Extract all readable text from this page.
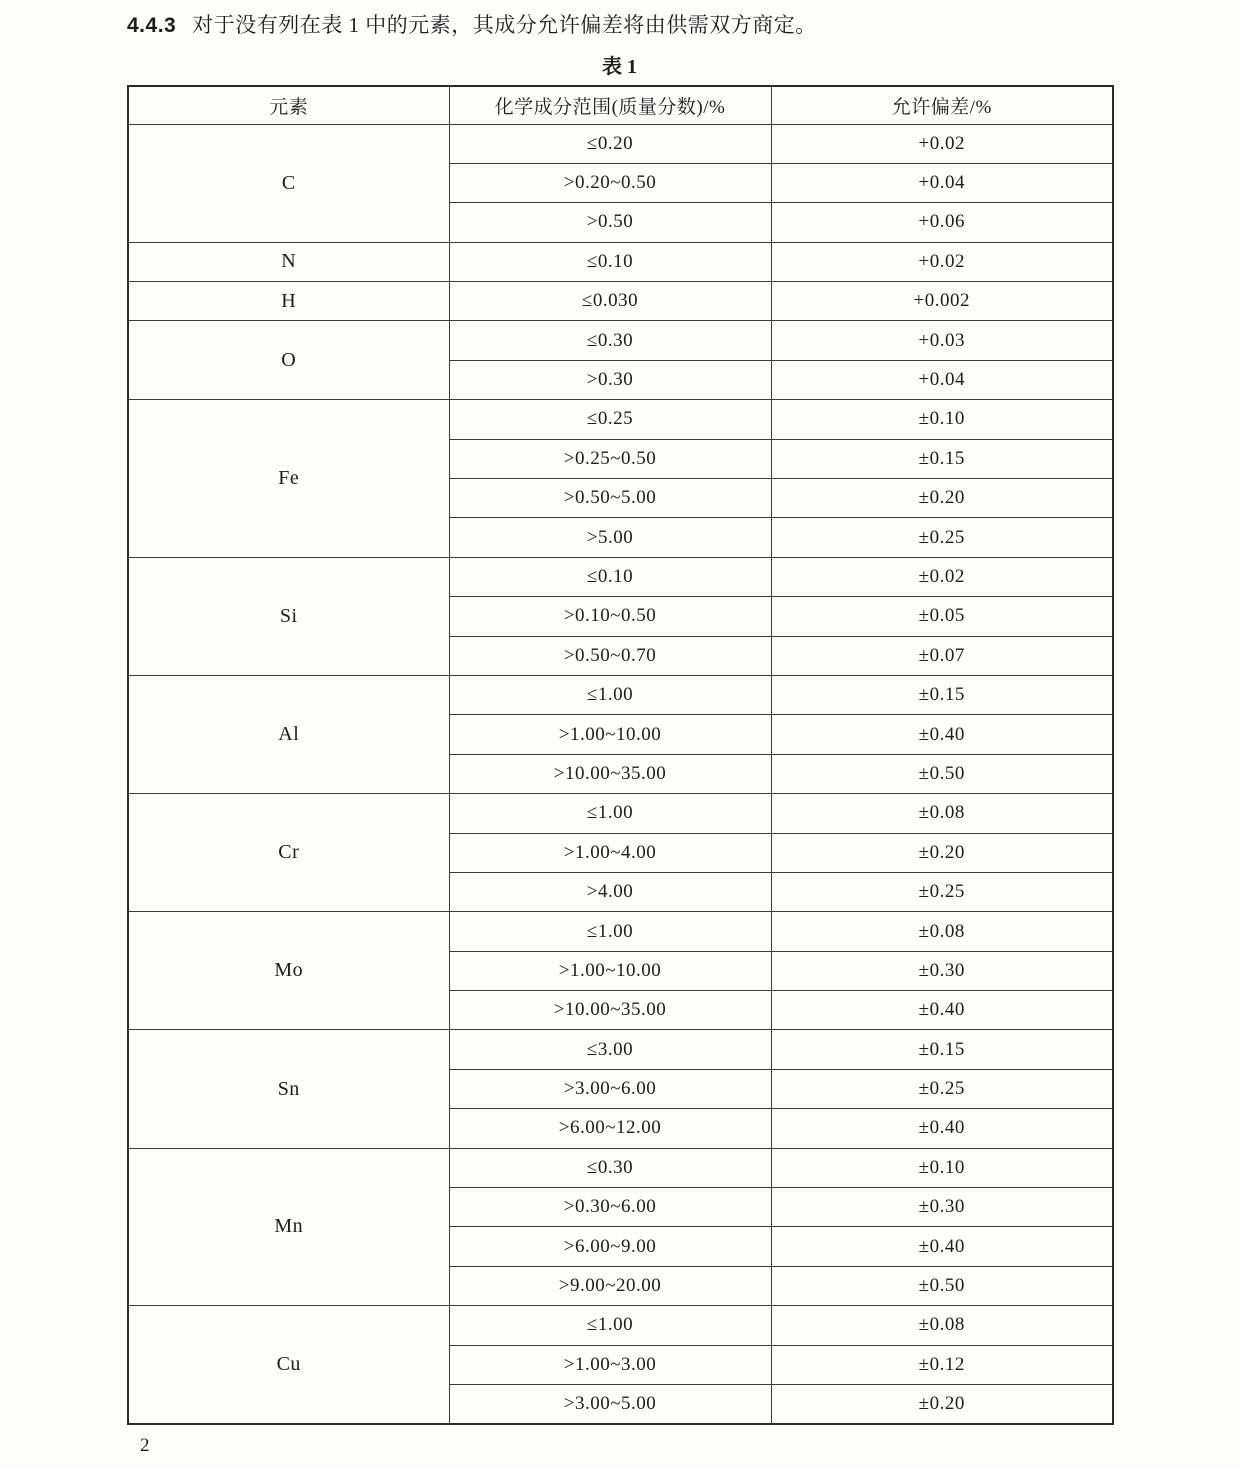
4.4.3 对于没有列在表 1 中的元素，其成分允许偏差将由供需双方商定。
表 1
元素	化学成分范围(质量分数)/%	允许偏差/%
C	≤0.20	+0.02
	>0.20~0.50	+0.04
	>0.50	+0.06
N	≤0.10	+0.02
H	≤0.030	+0.002
O	≤0.30	+0.03
	>0.30	+0.04
Fe	≤0.25	±0.10
	>0.25~0.50	±0.15
	>0.50~5.00	±0.20
	>5.00	±0.25
Si	≤0.10	±0.02
	>0.10~0.50	±0.05
	>0.50~0.70	±0.07
Al	≤1.00	±0.15
	>1.00~10.00	±0.40
	>10.00~35.00	±0.50
Cr	≤1.00	±0.08
	>1.00~4.00	±0.20
	>4.00	±0.25
Mo	≤1.00	±0.08
	>1.00~10.00	±0.30
	>10.00~35.00	±0.40
Sn	≤3.00	±0.15
	>3.00~6.00	±0.25
	>6.00~12.00	±0.40
Mn	≤0.30	±0.10
	>0.30~6.00	±0.30
	>6.00~9.00	±0.40
	>9.00~20.00	±0.50
Cu	≤1.00	±0.08
	>1.00~3.00	±0.12
	>3.00~5.00	±0.20
2
